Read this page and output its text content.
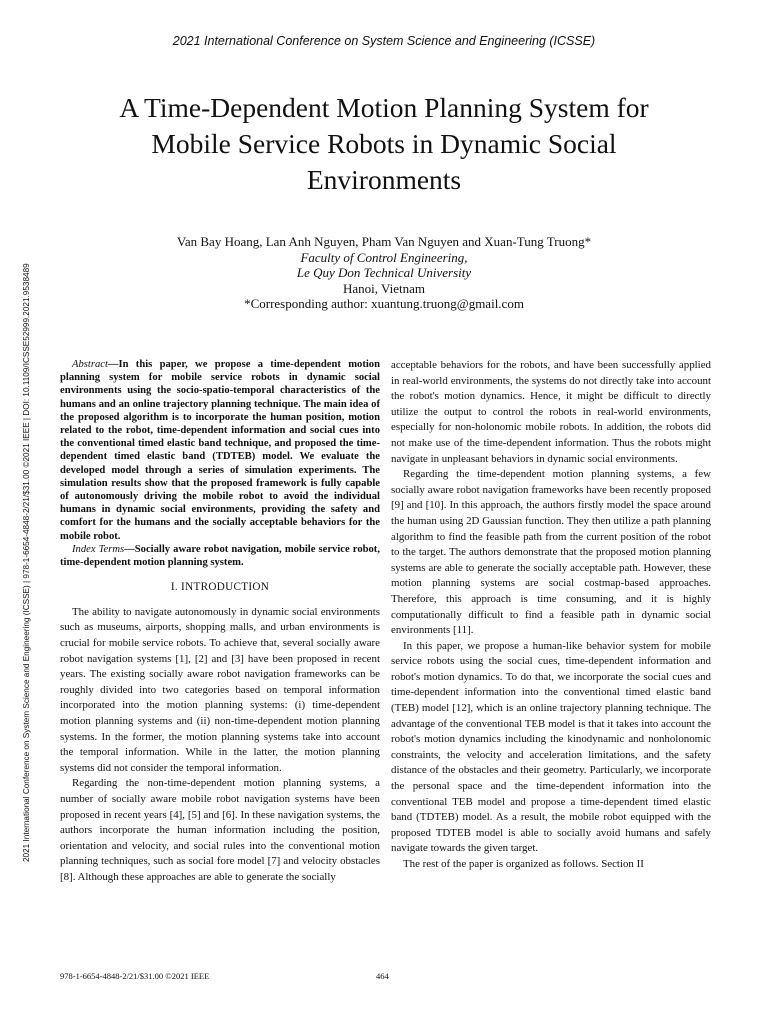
2021 International Conference on System Science and Engineering (ICSSE)
2021 International Conference on System Science and Engineering (ICSSE) | 978-1-6654-4848-2/21/$31.00 ©2021 IEEE | DOI: 10.1109/ICSSE52999.2021.9538489
A Time-Dependent Motion Planning System for
Mobile Service Robots in Dynamic Social
Environments
Van Bay Hoang, Lan Anh Nguyen, Pham Van Nguyen and Xuan-Tung Truong*
Faculty of Control Engineering,
Le Quy Don Technical University
Hanoi, Vietnam
*Corresponding author: xuantung.truong@gmail.com
Abstract—In this paper, we propose a time-dependent motion planning system for mobile service robots in dynamic social environments using the socio-spatio-temporal characteristics of the humans and an online trajectory planning technique. The main idea of the proposed algorithm is to incorporate the human position, motion related to the robot, time-dependent information and social cues into the conventional timed elastic band technique, and proposed the time-dependent timed elastic band (TDTEB) model. We evaluate the developed model through a series of simulation experiments. The simulation results show that the proposed framework is fully capable of autonomously driving the mobile robot to avoid the individual humans in dynamic social environments, providing the safety and comfort for the humans and the socially acceptable behaviors for the mobile robot.
Index Terms—Socially aware robot navigation, mobile service robot, time-dependent motion planning system.
I. INTRODUCTION

The ability to navigate autonomously in dynamic social environments such as museums, airports, shopping malls, and urban environments is crucial for mobile service robots. To achieve that, several socially aware robot navigation systems [1], [2] and [3] have been proposed in recent years. The existing socially aware robot navigation frameworks can be roughly divided into two categories based on temporal information incorporated into the motion planning systems: (i) time-dependent motion planning systems and (ii) non-time-dependent motion planning systems. In the former, the motion planning systems take into account the temporal information. While in the latter, the motion planning systems did not consider the temporal information.

Regarding the non-time-dependent motion planning systems, a number of socially aware mobile robot navigation systems have been proposed in recent years [4], [5] and [6]. In these navigation systems, the authors incorporate the human information including the position, orientation and velocity, and social rules into the conventional motion planning techniques, such as social fore model [7] and velocity obstacles [8]. Although these approaches are able to generate the socially

acceptable behaviors for the robots, and have been successfully applied in real-world environments, the systems do not directly take into account the robot's motion dynamics. Hence, it might be difficult to directly utilize the output to control the robots in real-world environments, especially for non-holonomic mobile robots. In addition, the robots did not make use of the time-dependent information. Thus the robots might navigate in unpleasant behaviors in dynamic social environments.

Regarding the time-dependent motion planning systems, a few socially aware robot navigation frameworks have been recently proposed [9] and [10]. In this approach, the authors firstly model the space around the human using 2D Gaussian function. They then utilize a path planning algorithm to find the feasible path from the current position of the robot to the target. The authors demonstrate that the proposed motion planning systems are able to generate the socially acceptable path. However, these motion planning systems are social costmap-based approaches. Therefore, this approach is time consuming, and it is highly computationally difficult to find a feasible path in dynamic social environments [11].

In this paper, we propose a human-like behavior system for mobile service robots using the social cues, time-dependent information and robot's motion dynamics. To do that, we incorporate the social cues and time-dependent information into the conventional timed elastic band (TEB) model [12], which is an online trajectory planning technique. The advantage of the conventional TEB model is that it takes into account the robot's motion dynamics including the kinodynamic and nonholonomic constraints, the velocity and acceleration limitations, and the safety distance of the obstacles and their geometry. Particularly, we incorporate the personal space and the time-dependent information into the conventional TEB model and propose a time-dependent timed elastic band (TDTEB) model. As a result, the mobile robot equipped with the proposed TDTEB model is able to socially avoid humans and safely navigate towards the given target.

The rest of the paper is organized as follows. Section II

978-1-6654-4848-2/21/$31.00 ©2021 IEEE	464
